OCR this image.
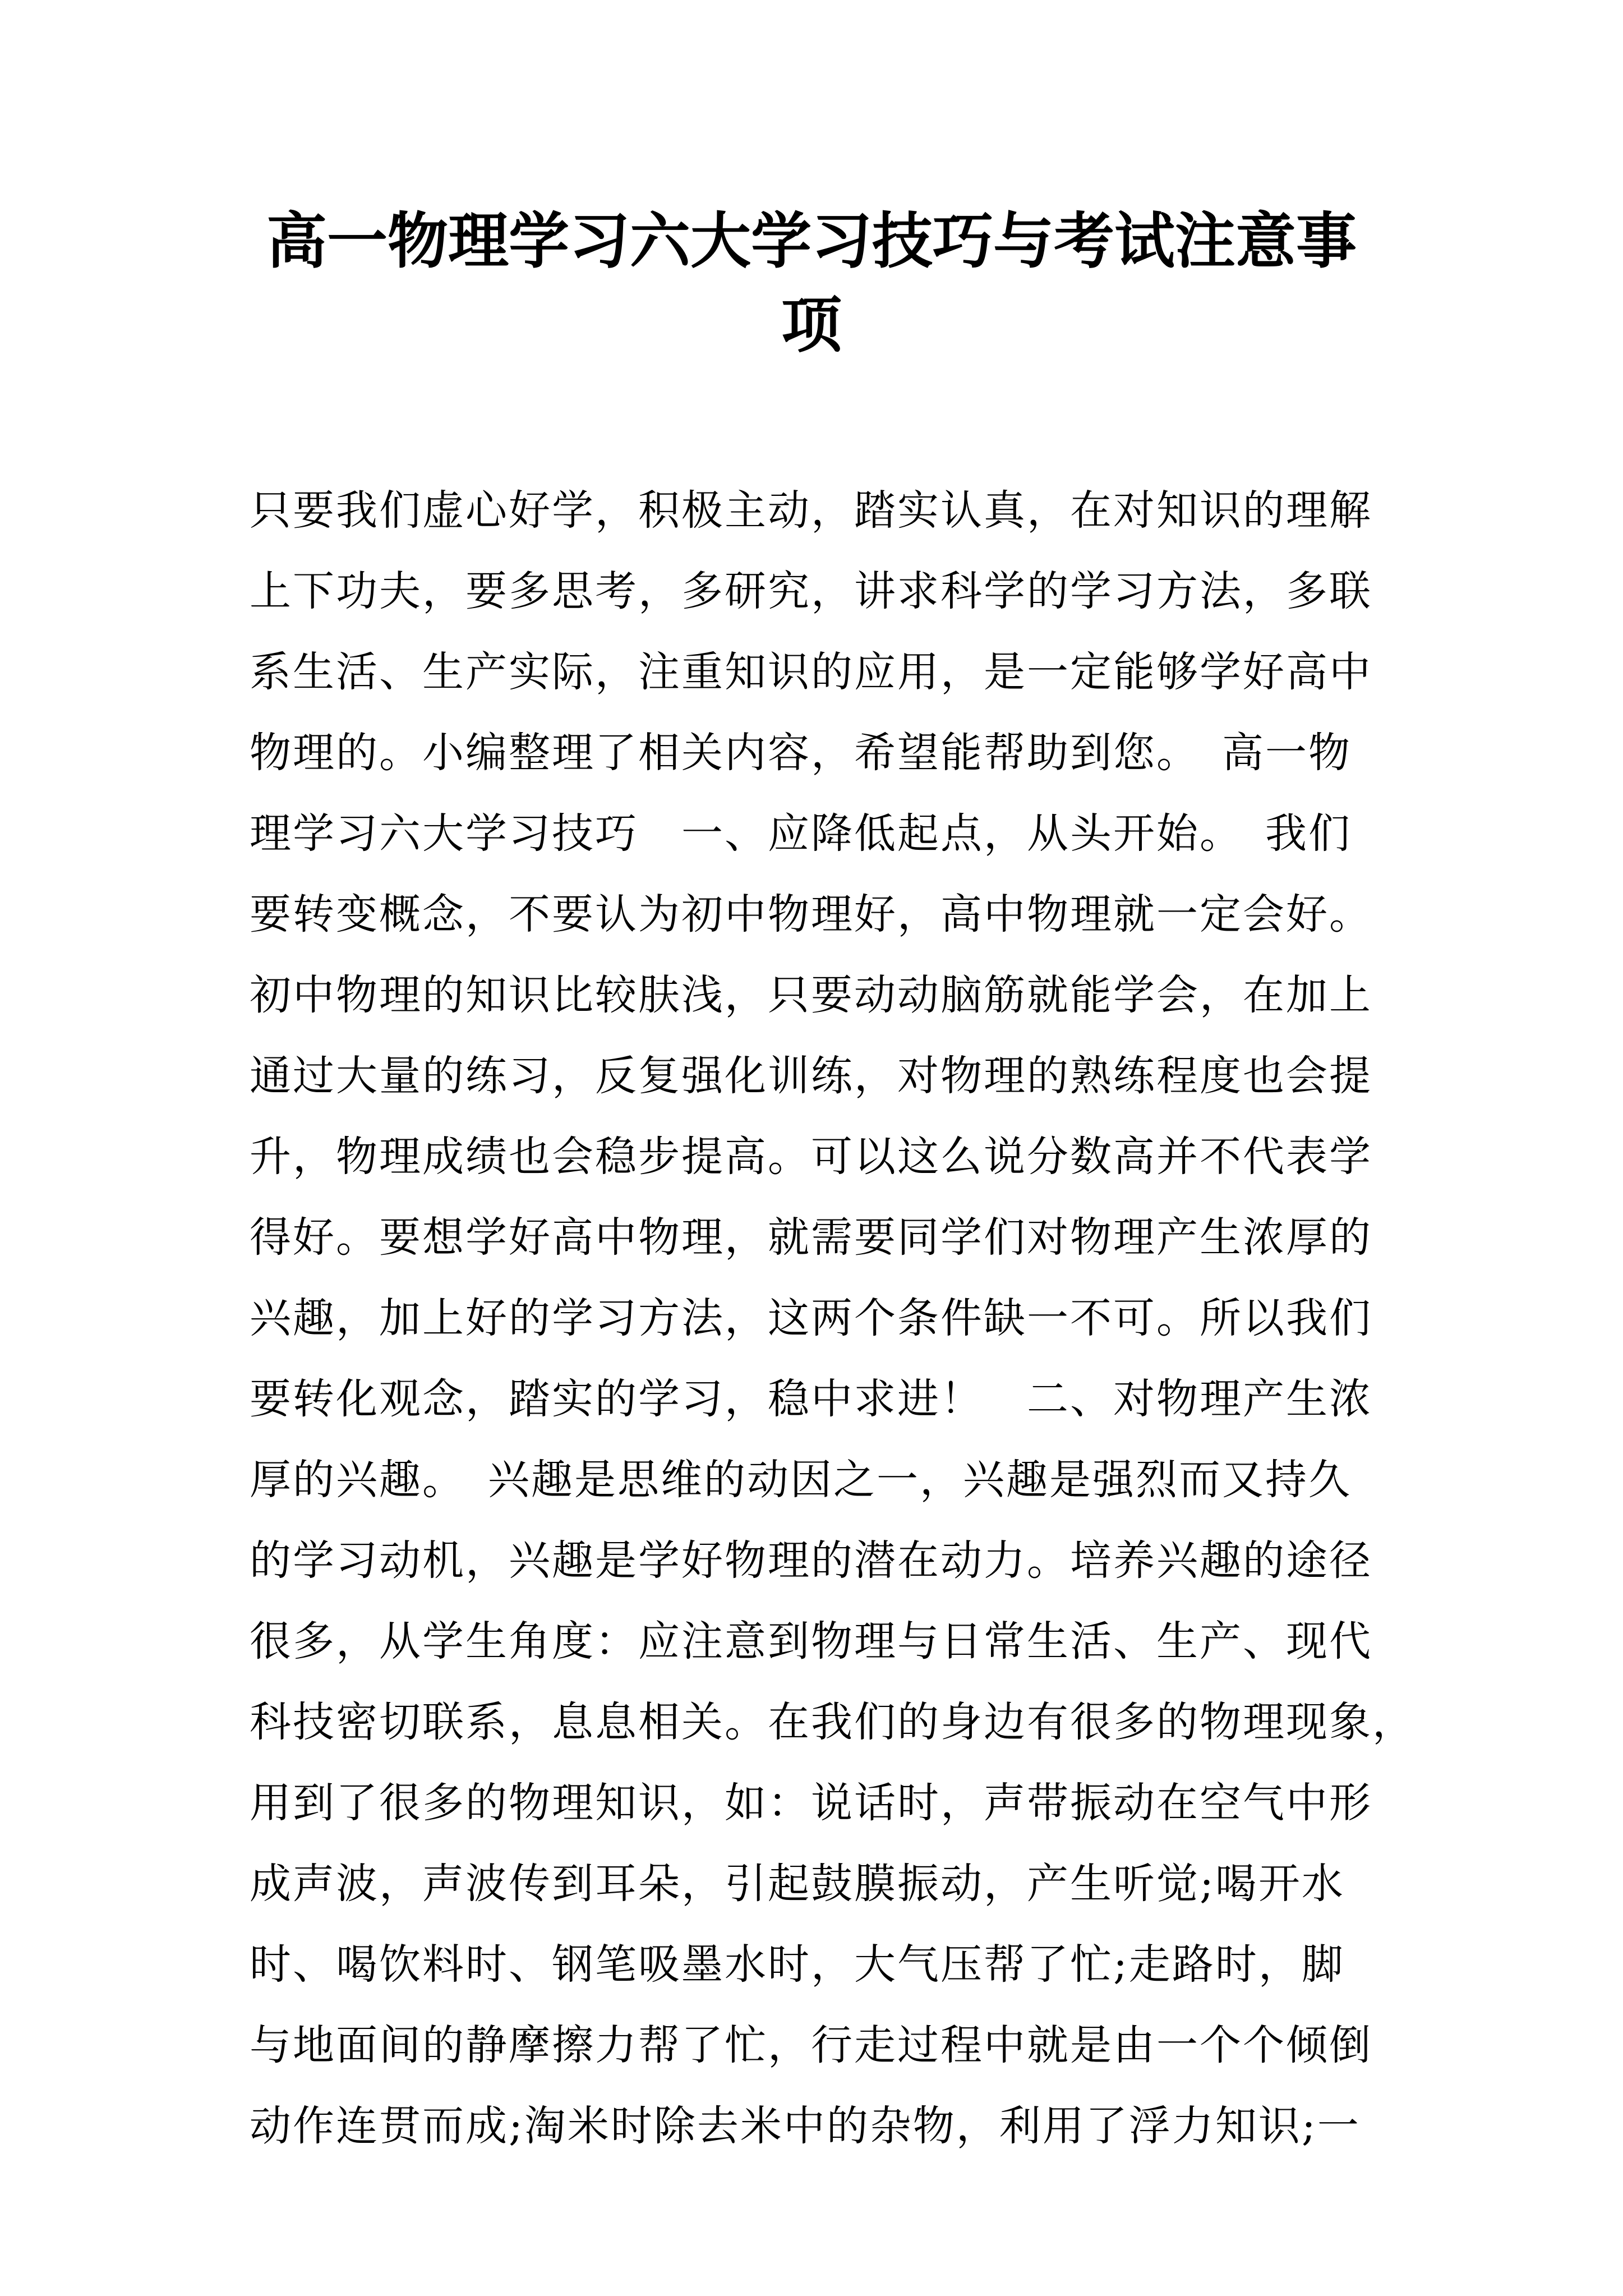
高一物理学习六大学习技巧与考试注意事
项
只要我们虚心好学，积极主动，踏实认真，在对知识的理解
上下功夫，要多思考，多研究，讲求科学的学习方法，多联
系生活、生产实际，注重知识的应用，是一定能够学好高中
物理的。小编整理了相关内容，希望能帮助到您。　高一物
理学习六大学习技巧　一、应降低起点，从头开始。　我们
要转变概念，不要认为初中物理好，高中物理就一定会好。
初中物理的知识比较肤浅，只要动动脑筋就能学会，在加上
通过大量的练习，反复强化训练，对物理的熟练程度也会提
升，物理成绩也会稳步提高。可以这么说分数高并不代表学
得好。要想学好高中物理，就需要同学们对物理产生浓厚的
兴趣，加上好的学习方法，这两个条件缺一不可。所以我们
要转化观念，踏实的学习，稳中求进！　二、对物理产生浓
厚的兴趣。　兴趣是思维的动因之一，兴趣是强烈而又持久
的学习动机，兴趣是学好物理的潜在动力。培养兴趣的途径
很多，从学生角度：应注意到物理与日常生活、生产、现代
科技密切联系，息息相关。在我们的身边有很多的物理现象，
用到了很多的物理知识，如：说话时，声带振动在空气中形
成声波，声波传到耳朵，引起鼓膜振动，产生听觉;喝开水
时、喝饮料时、钢笔吸墨水时，大气压帮了忙;走路时，脚
与地面间的静摩擦力帮了忙，行走过程中就是由一个个倾倒
动作连贯而成;淘米时除去米中的杂物，利用了浮力知识;一
